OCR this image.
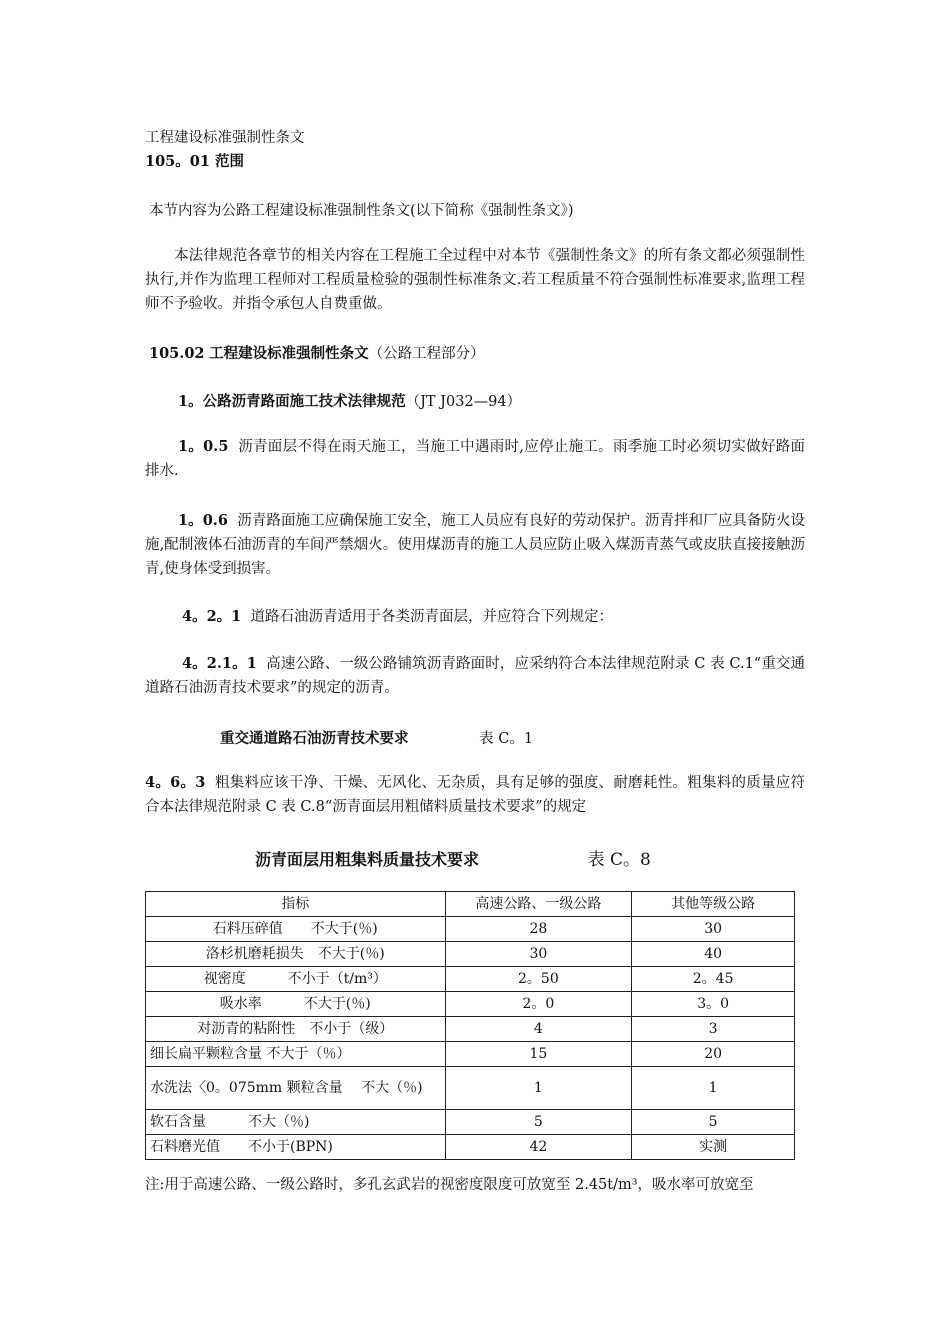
工程建设标准强制性条文
105。01 范围
本节内容为公路工程建设标准强制性条文(以下简称《强制性条文》)
本法律规范各章节的相关内容在工程施工全过程中对本节《强制性条文》的所有条文都必须强制性执行,并作为监理工程师对工程质量检验的强制性标准条文.若工程质量不符合强制性标准要求,监理工程师不予验收。并指令承包人自费重做。
105.02 工程建设标准强制性条文（公路工程部分）
1。公路沥青路面施工技术法律规范（JT J032—94）
1。0.5 沥青面层不得在雨天施工，当施工中遇雨时,应停止施工。雨季施工时必须切实做好路面排水.
1。0.6 沥青路面施工应确保施工安全，施工人员应有良好的劳动保护。沥青拌和厂应具备防火设施,配制液体石油沥青的车间严禁烟火。使用煤沥青的施工人员应防止吸入煤沥青蒸气或皮肤直接接触沥青,使身体受到损害。
4。2。1 道路石油沥青适用于各类沥青面层，并应符合下列规定：
4。2.1。1 高速公路、一级公路铺筑沥青路面时，应采纳符合本法律规范附录 C 表 C.1“重交通道路石油沥青技术要求”的规定的沥青。
重交通道路石油沥青技术要求	表 C。1
4。6。3 粗集料应该干净、干燥、无风化、无杂质，具有足够的强度、耐磨耗性。粗集料的质量应符合本法律规范附录 C 表 C.8“沥青面层用粗储料质量技术要求”的规定
沥青面层用粗集料质量技术要求	表 C。8
指标	高速公路、一级公路	其他等级公路
石料压碎值　　不大于(％)	28	30
洛杉机磨耗损失　不大于(％)	30	40
视密度　　　不小于（t/m³）	2。50	2。45
吸水率　　　不大于(％)	2。0	3。0
对沥青的粘附性　不小于（级）	4	3
细长扁平颗粒含量 不大于（％）	15	20
水洗法〈0。075mm 颗粒含量　 不大（％)	1	1
软石含量　　　不大（％)	5	5
石料磨光值　　不小于(BPN)	42	实测
注:用于高速公路、一级公路时，多孔玄武岩的视密度限度可放宽至 2.45t/m³，吸水率可放宽至
